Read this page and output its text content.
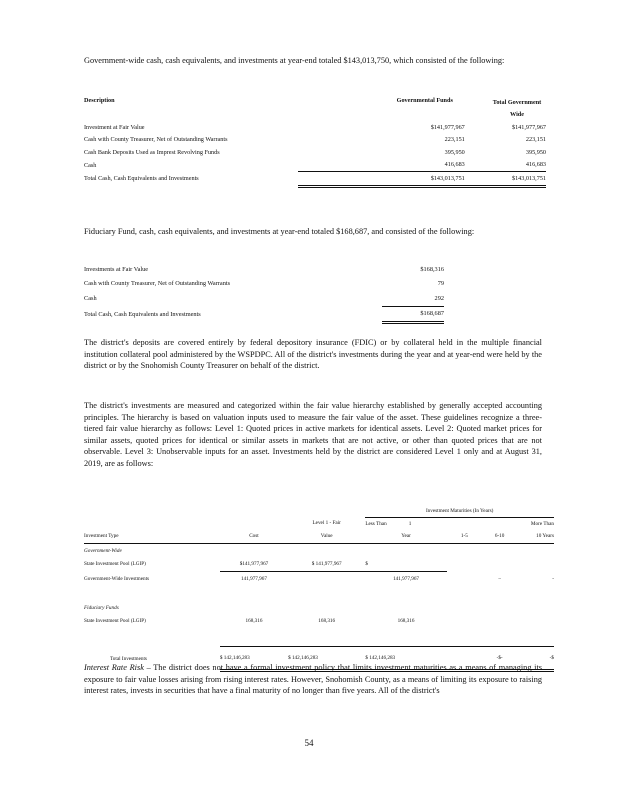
Government-wide cash, cash equivalents, and investments at year-end totaled $143,013,750, which consisted of the following:

Description	Governmental Funds	Total Government Wide

Investment at Fair Value	$141,977,967	$141,977,967
Cash with County Treasurer, Net of Outstanding Warrants	223,151	223,151
Cash Bank Deposits Used as Imprest Revolving Funds	395,950	395,950
Cash	416,683	416,683
Total Cash, Cash Equivalents and Investments	$143,013,751	$143,013,751

Fiduciary Fund, cash, cash equivalents, and investments at year-end totaled $168,687, and consisted of the following:

Investments at Fair Value	$168,316
Cash with County Treasurer, Net of Outstanding Warrants	79
Cash	292
Total Cash, Cash Equivalents and Investments	$168,687

The district's deposits are covered entirely by federal depository insurance (FDIC) or by collateral held in the multiple financial institution collateral pool administered by the WSPDPC. All of the district's investments during the year and at year-end were held by the district or by the Snohomish County Treasurer on behalf of the district.

The district's investments are measured and categorized within the fair value hierarchy established by generally accepted accounting principles. The hierarchy is based on valuation inputs used to measure the fair value of the asset. These guidelines recognize a three-tiered fair value hierarchy as follows: Level 1: Quoted prices in active markets for identical assets. Level 2: Quoted market prices for similar assets, quoted prices for identical or similar assets in markets that are not active, or other than quoted prices that are not observable. Level 3: Unobservable inputs for an asset. Investments held by the district are considered Level 1 only and at August 31, 2019, are as follows:

			Investment Maturities (In Years)			
		Level 1 - Fair	Less Than 1			More Than
Investment Type	Cost	Value	Year	1-5	6-10	10 Years
Government-Wide						
State Investment Pool (LGIP)	$141,977,967	$ 141,977,967	$			
Government-Wide Investments	141,977,967		141,977,967		–	-

Fiduciary Funds						
State Investment Pool (LGIP)	168,316	168,316	168,316			

Total Investments	$ 142,146,283	$ 142,146,283	$ 142,146,283		-$-	-$

Interest Rate Risk – The district does not have a formal investment policy that limits investment maturities as a means of managing its exposure to fair value losses arising from rising interest rates. However, Snohomish County, as a means of limiting its exposure to raising interest rates, invests in securities that have a final maturity of no longer than five years. All of the district's

54
